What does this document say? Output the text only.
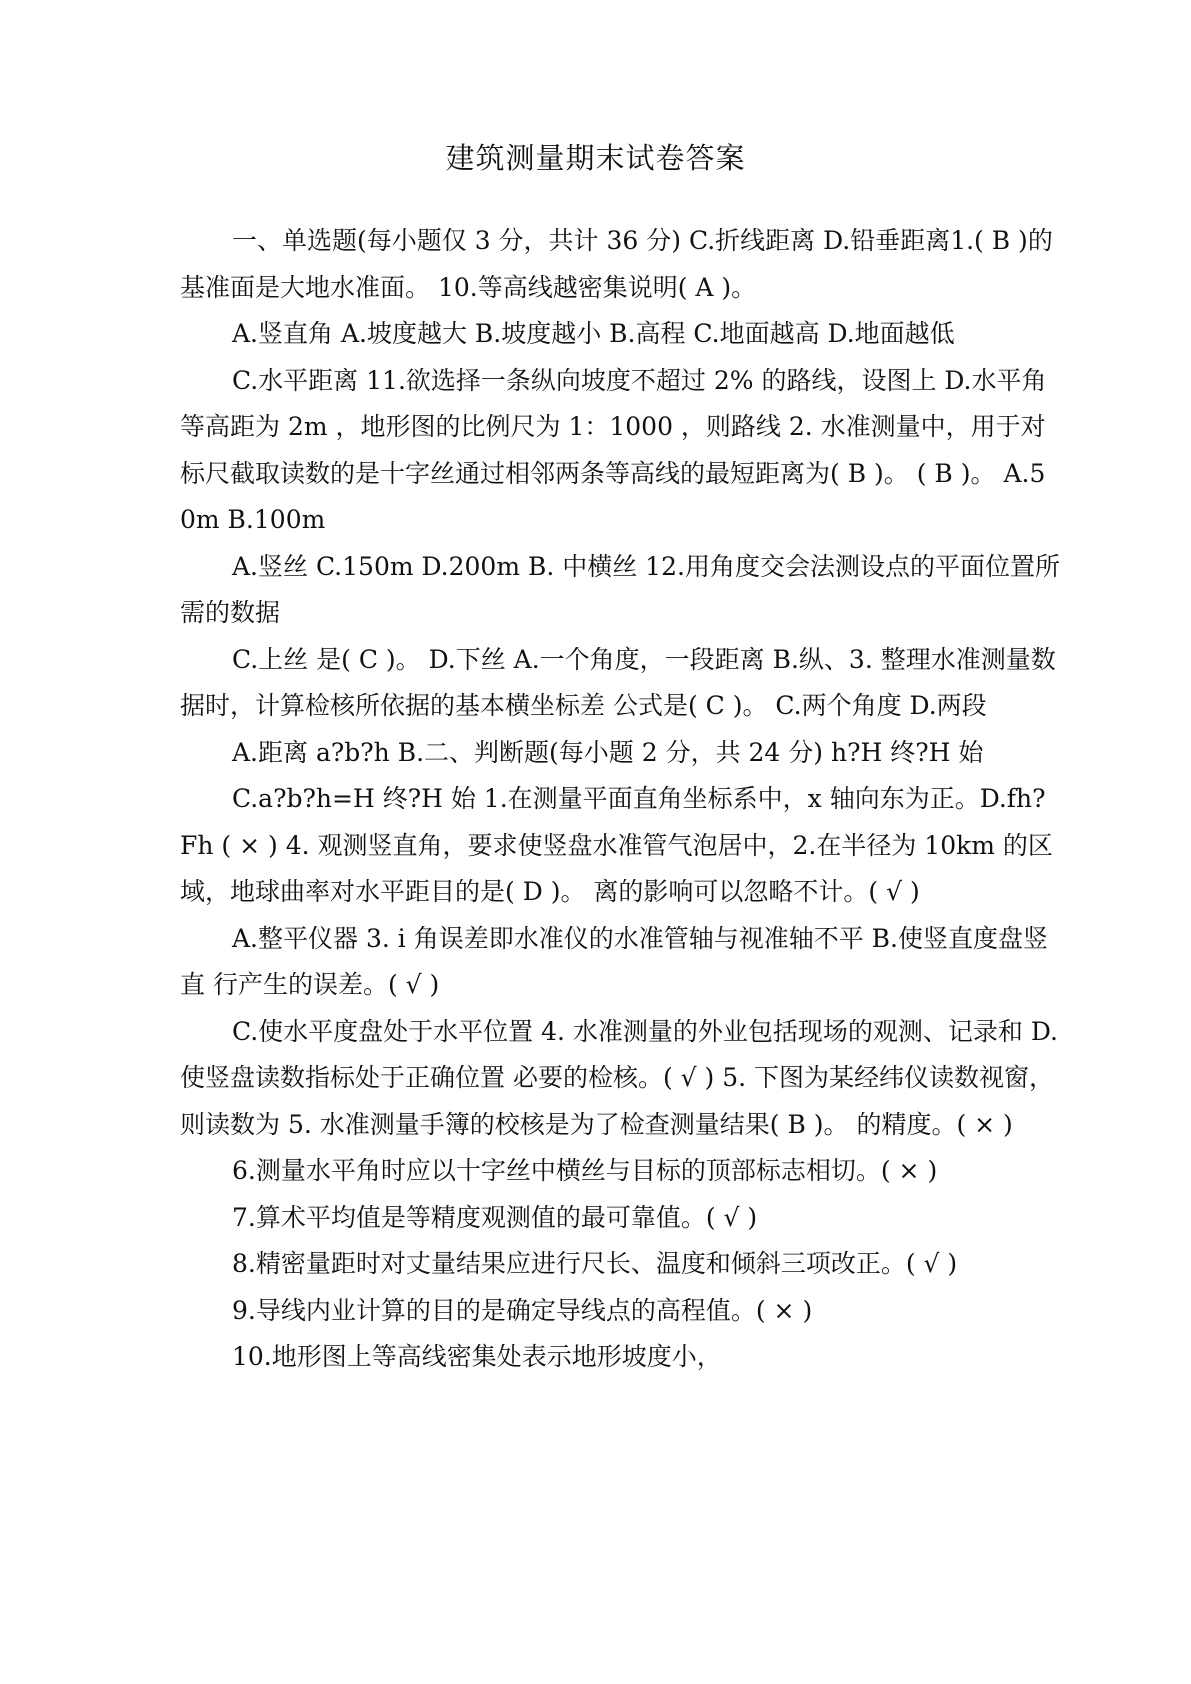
建筑测量期末试卷答案

一、单选题(每小题仅 3 分，共计 36 分) C.折线距离 D.铅垂距离1.( B )的基准面是大地水准面。 10.等高线越密集说明( A )。

A.竖直角 A.坡度越大 B.坡度越小 B.高程 C.地面越高 D.地面越低

C.水平距离 11.欲选择一条纵向坡度不超过 2% 的路线，设图上 D.水平角 等高距为 2m ，地形图的比例尺为 1：1000 ，则路线 2. 水准测量中，用于对标尺截取读数的是十字丝通过相邻两条等高线的最短距离为( B )。 ( B )。 A.50m B.100m

A.竖丝 C.150m D.200m B. 中横丝 12.用角度交会法测设点的平面位置所需的数据

C.上丝 是( C )。 D.下丝 A.一个角度，一段距离 B.纵、3. 整理水准测量数据时，计算检核所依据的基本横坐标差 公式是( C )。 C.两个角度 D.两段

A.距离 a?b?h B.二、判断题(每小题 2 分，共 24 分) h?H 终?H 始

C.a?b?h=H 终?H 始 1.在测量平面直角坐标系中，x 轴向东为正。D.fh?Fh ( × ) 4. 观测竖直角，要求使竖盘水准管气泡居中，2.在半径为 10km 的区域，地球曲率对水平距目的是( D )。 离的影响可以忽略不计。( √ )

A.整平仪器 3. i 角误差即水准仪的水准管轴与视准轴不平 B.使竖直度盘竖直 行产生的误差。( √ )

C.使水平度盘处于水平位置 4. 水准测量的外业包括现场的观测、记录和 D.使竖盘读数指标处于正确位置 必要的检核。( √ ) 5. 下图为某经纬仪读数视窗，则读数为 5. 水准测量手簿的校核是为了检查测量结果( B )。 的精度。( × )

6.测量水平角时应以十字丝中横丝与目标的顶部标志相切。( × )

7.算术平均值是等精度观测值的最可靠值。( √ )

8.精密量距时对丈量结果应进行尺长、温度和倾斜三项改正。( √ )

9.导线内业计算的目的是确定导线点的高程值。( × )

10.地形图上等高线密集处表示地形坡度小，
